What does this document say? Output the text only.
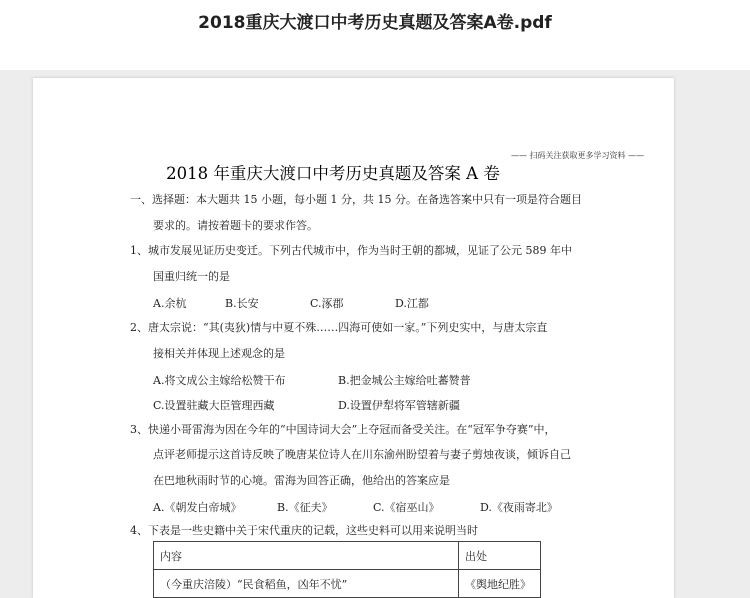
2018重庆大渡口中考历史真题及答案A卷.pdf
—— 扫码关注获取更多学习资料 ——
2018 年重庆大渡口中考历史真题及答案 A 卷
一、选择题：本大题共 15 小题，每小题 1 分，共 15 分。在备选答案中只有一项是符合题目
要求的。请按着题卡的要求作答。
1、城市发展见证历史变迁。下列古代城市中，作为当时王朝的都城，见证了公元 589 年中
国重归统一的是
A.余杭	B.长安	C.涿郡	D.江都
2、唐太宗说：“其(夷狄)情与中夏不殊……四海可使如一家。”下列史实中，与唐太宗直
接相关并体现上述观念的是
A.将文成公主嫁给松赞干布	B.把金城公主嫁给吐蕃赞普
C.设置驻藏大臣管理西藏	D.设置伊犁将军管辖新疆
3、快递小哥雷海为因在今年的“中国诗词大会”上夺冠而备受关注。在“冠军争夺赛”中，
点评老师提示这首诗反映了晚唐某位诗人在川东渝州盼望着与妻子剪烛夜谈，倾诉自己
在巴地秋雨时节的心境。雷海为回答正确，他给出的答案应是
A.《朝发白帝城》	B.《征夫》	C.《宿巫山》	D.《夜雨寄北》
4、下表是一些史籍中关于宋代重庆的记载，这些史料可以用来说明当时
内容	出处
（今重庆涪陵）“民食稻鱼，凶年不忧”	《舆地纪胜》
